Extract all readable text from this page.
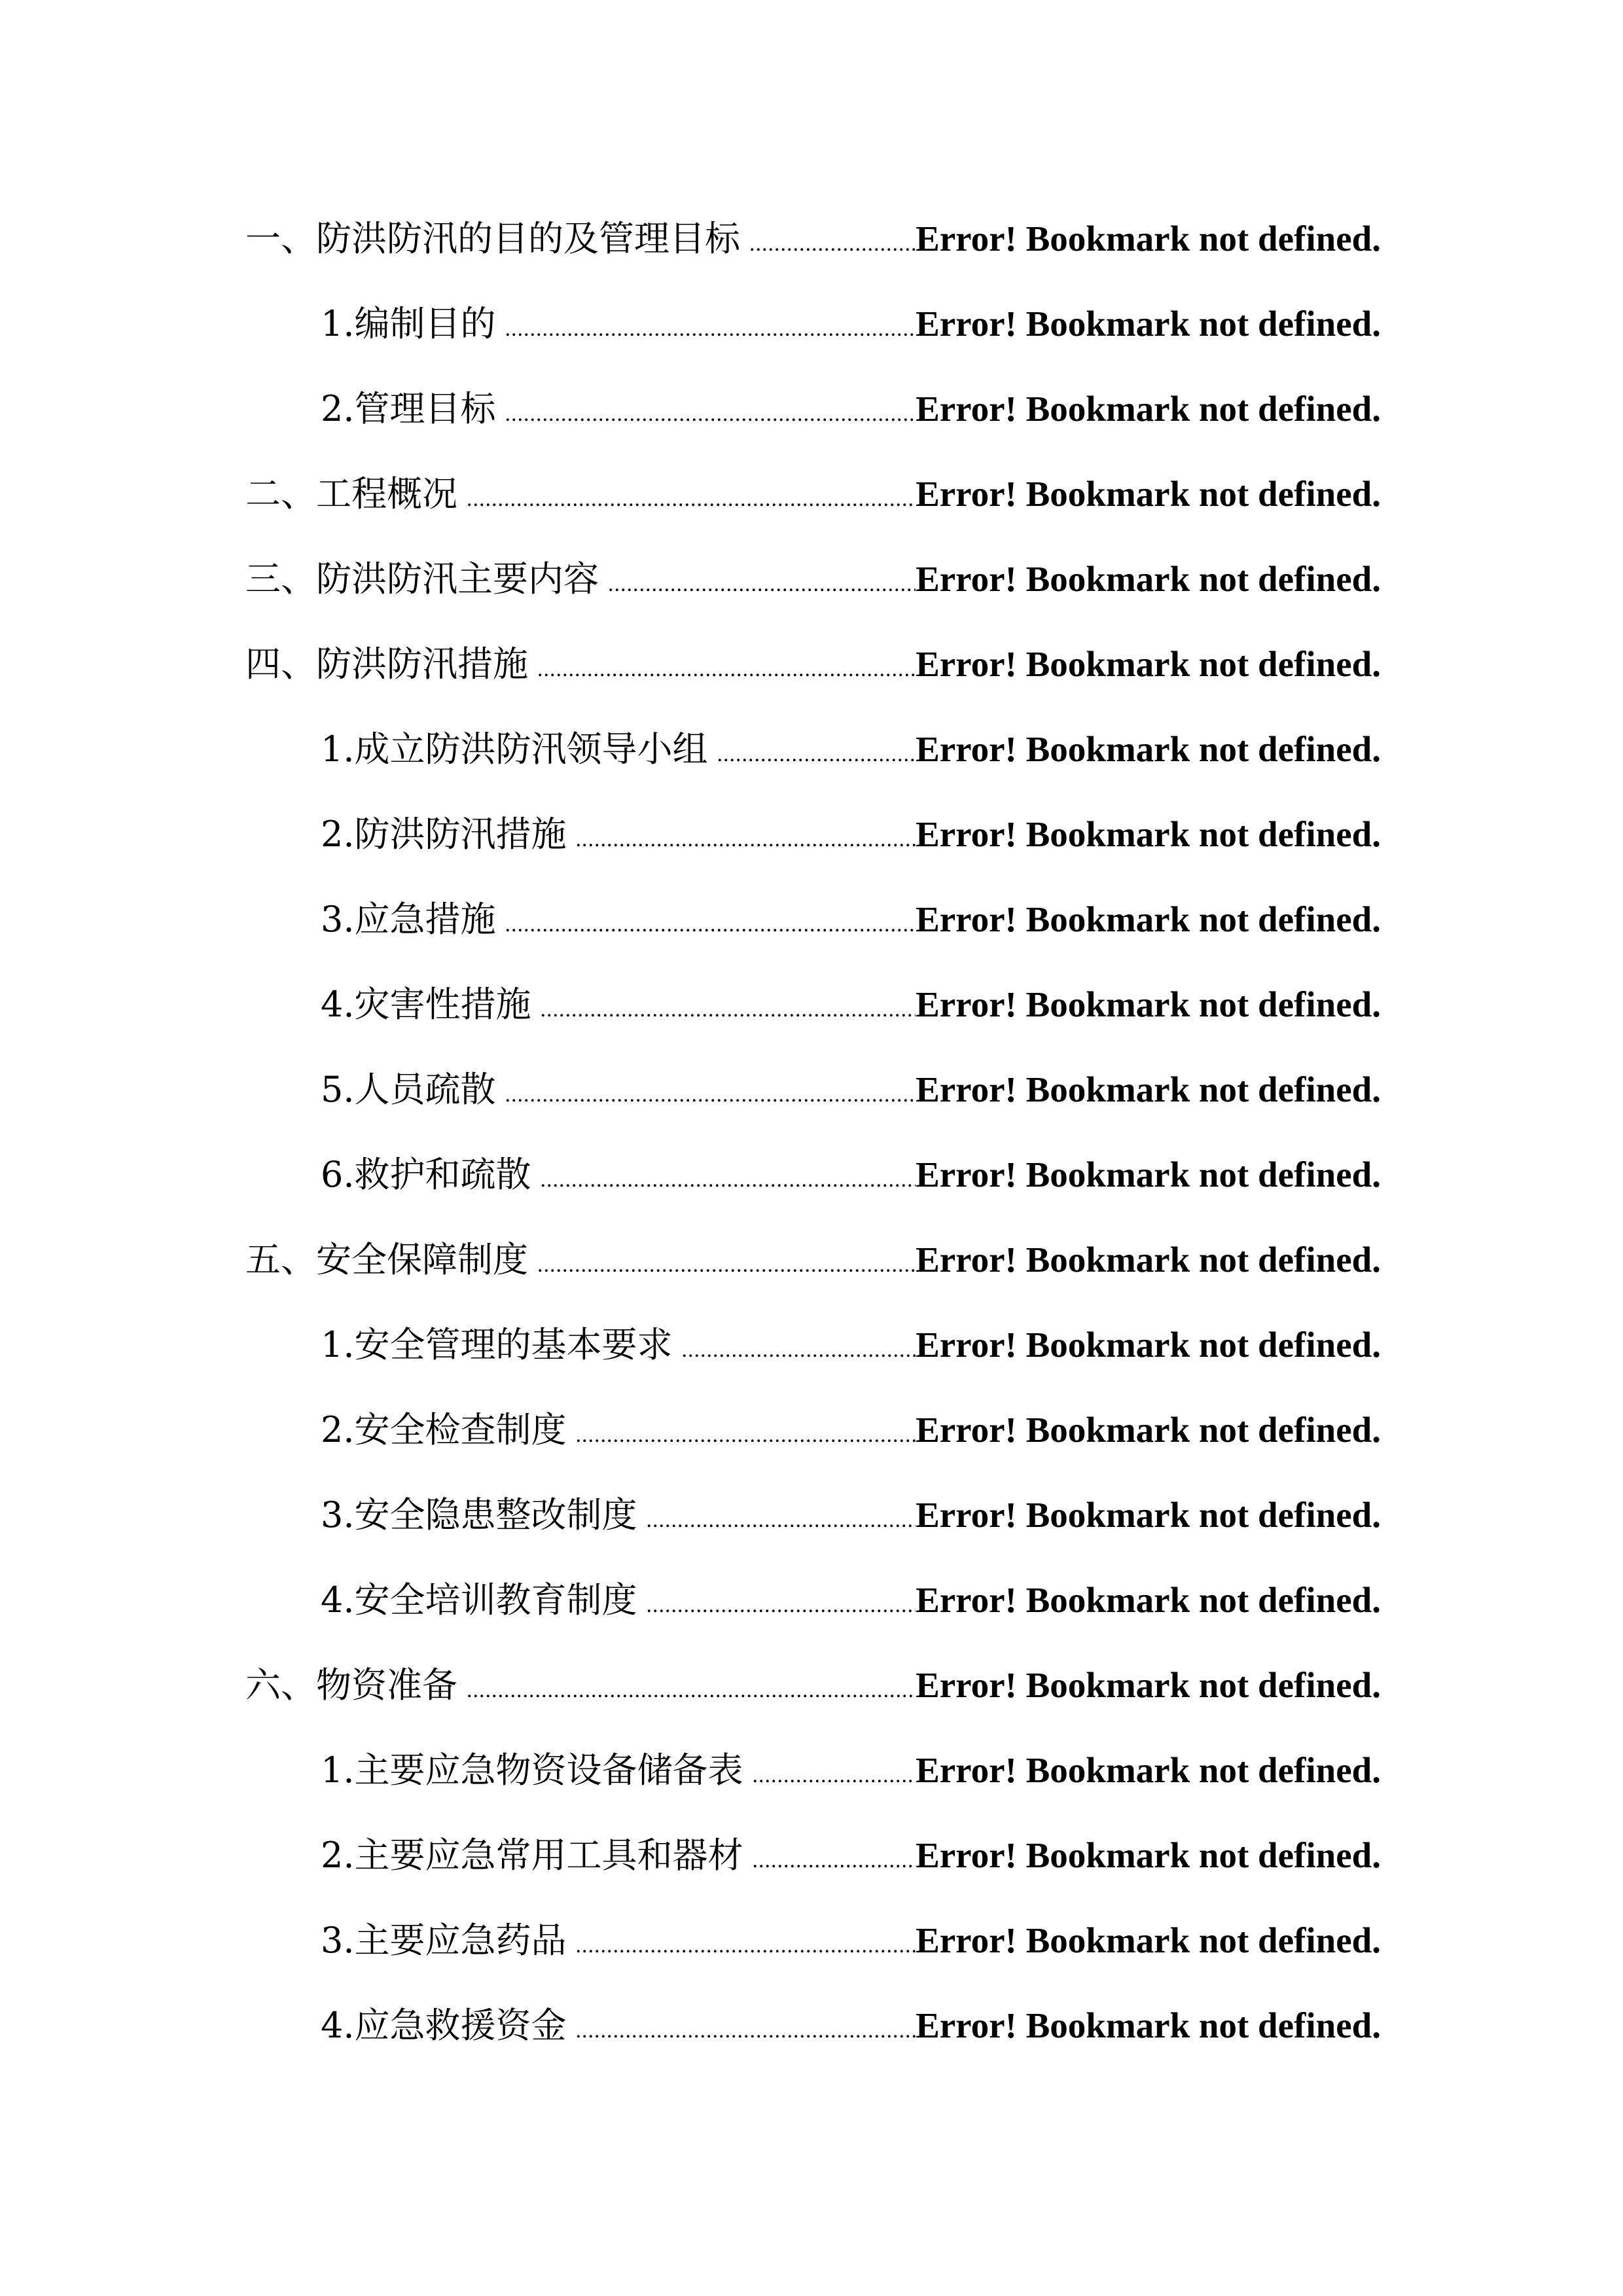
一、防洪防汛的目的及管理目标 .....	Error! Bookmark not defined.
1.编制目的 .....	Error! Bookmark not defined.
2.管理目标 .....	Error! Bookmark not defined.
二、工程概况 .....	Error! Bookmark not defined.
三、防洪防汛主要内容 .....	Error! Bookmark not defined.
四、防洪防汛措施 .....	Error! Bookmark not defined.
1.成立防洪防汛领导小组 .....	Error! Bookmark not defined.
2.防洪防汛措施 .....	Error! Bookmark not defined.
3.应急措施 .....	Error! Bookmark not defined.
4.灾害性措施 .....	Error! Bookmark not defined.
5.人员疏散 .....	Error! Bookmark not defined.
6.救护和疏散 .....	Error! Bookmark not defined.
五、安全保障制度 .....	Error! Bookmark not defined.
1.安全管理的基本要求 .....	Error! Bookmark not defined.
2.安全检查制度 .....	Error! Bookmark not defined.
3.安全隐患整改制度 .....	Error! Bookmark not defined.
4.安全培训教育制度 .....	Error! Bookmark not defined.
六、物资准备 .....	Error! Bookmark not defined.
1.主要应急物资设备储备表 .....	Error! Bookmark not defined.
2.主要应急常用工具和器材 .....	Error! Bookmark not defined.
3.主要应急药品 .....	Error! Bookmark not defined.
4.应急救援资金 .....	Error! Bookmark not defined.
